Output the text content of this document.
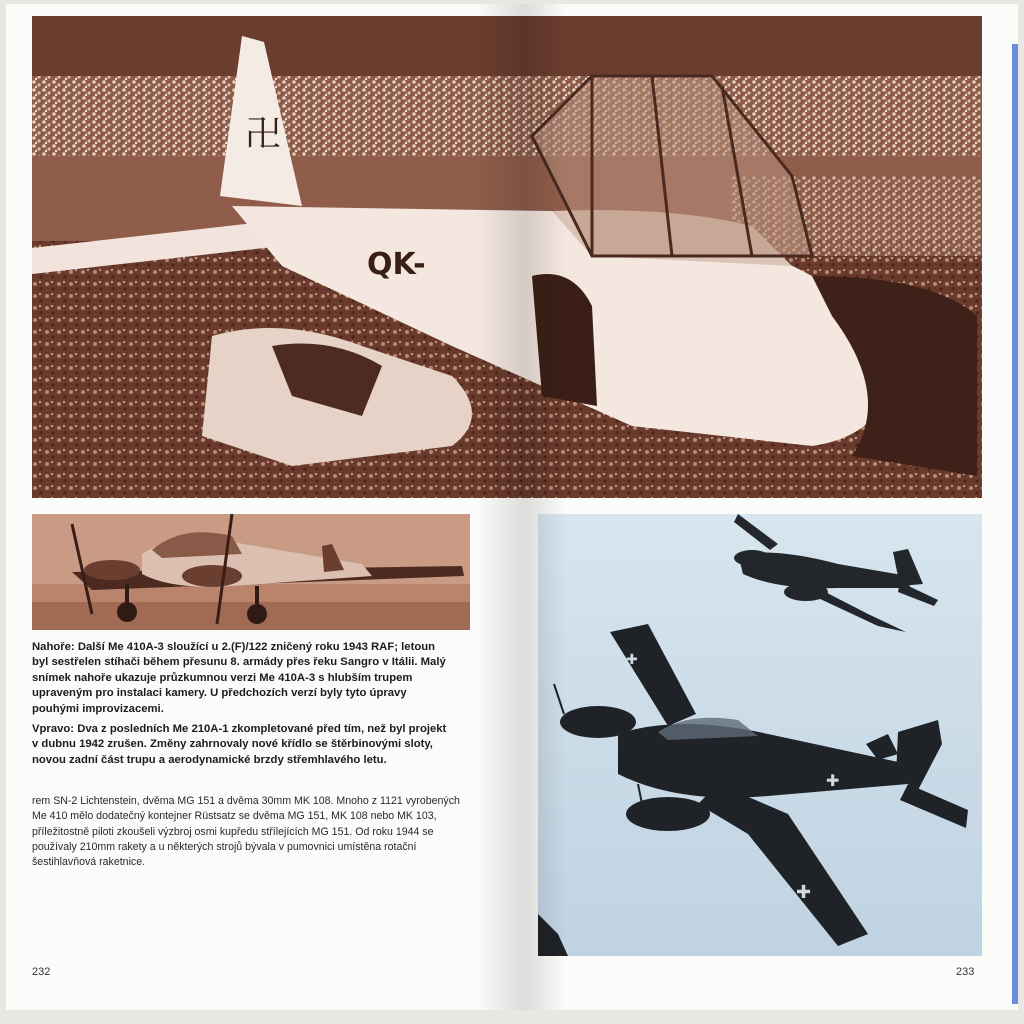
卍
QK-
✚
✚
✚

Nahoře: Další Me 410A-3 sloužící u 2.(F)/122 zničený roku 1943 RAF; letoun byl sestřelen stíhači během přesunu 8. armády přes řeku Sangro v Itálii. Malý snímek nahoře ukazuje průzkumnou verzi Me 410A-3 s hlubším trupem upraveným pro instalaci kamery. U předchozích verzí byly tyto úpravy pouhými improvizacemi.

Vpravo: Dva z posledních Me 210A-1 zkompletované před tím, než byl projekt v dubnu 1942 zrušen. Změny zahrnovaly nové křídlo se štěrbinovými sloty, novou zadní část trupu a aerodynamické brzdy střemhlavého letu.

rem SN-2 Lichtenstein, dvěma MG 151 a dvěma 30mm MK 108. Mnoho z 1121 vyrobených Me 410 mělo dodatečný kontejner Rüstsatz se dvěma MG 151, MK 108 nebo MK 103, příležitostně piloti zkoušeli výzbroj osmi kupředu střílejících MG 151. Od roku 1944 se používaly 210mm rakety a u některých strojů bývala v pumovnici umístěna rotační šestihlavňová raketnice.

232	233
